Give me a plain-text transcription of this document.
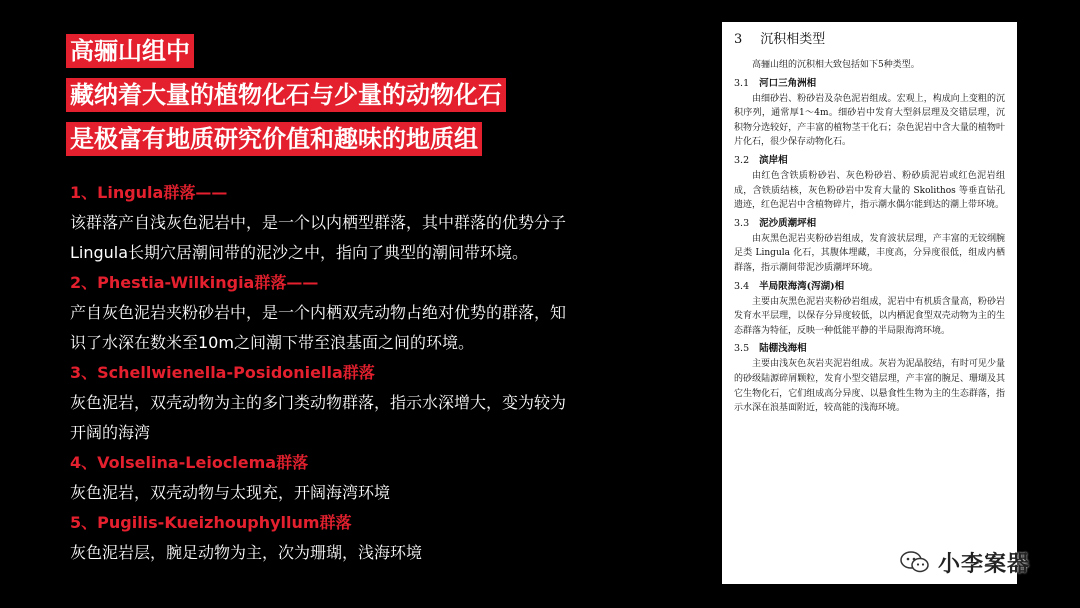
高骊山组中
藏纳着大量的植物化石与少量的动物化石
是极富有地质研究价值和趣味的地质组
1、Lingula群落——
该群落产自浅灰色泥岩中，是一个以内栖型群落，其中群落的优势分子
Lingula长期穴居潮间带的泥沙之中，指向了典型的潮间带环境。
2、Phestia-Wilkingia群落——
产自灰色泥岩夹粉砂岩中，是一个内栖双壳动物占绝对优势的群落，知
识了水深在数米至10m之间潮下带至浪基面之间的环境。
3、Schellwienella-Posidoniella群落
灰色泥岩，双壳动物为主的多门类动物群落，指示水深增大，变为较为
开阔的海湾
4、Volselina-Leioclema群落
灰色泥岩，双壳动物与太现充，开阔海湾环境
5、Pugilis-Kueizhouphyllum群落
灰色泥岩层，腕足动物为主，次为珊瑚，浅海环境
3 沉积相类型

高骊山组的沉积相大致包括如下5种类型。

3.1 河口三角洲相

由细砂岩、粉砂岩及杂色泥岩组成。宏观上，构成向上变粗的沉积序列，通常厚1～4m。细砂岩中发育大型斜层理及交错层理，沉积物分选较好，产丰富的植物茎干化石；杂色泥岩中含大量的植物叶片化石，很少保存动物化石。

3.2 滨岸相

由红色含铁质粉砂岩、灰色粉砂岩、粉砂质泥岩或红色泥岩组成，含铁质结核，灰色粉砂岩中发育大量的 Skolithos 等垂直钻孔遗迹，红色泥岩中含植物碎片，指示潮水偶尔能到达的潮上带环境。

3.3 泥沙质潮坪相

由灰黑色泥岩夹粉砂岩组成，发育波状层理，产丰富的无铰纲腕足类 Lingula 化石，其腹体埋藏，丰度高，分异度很低，组成内栖群落，指示潮间带泥沙质潮坪环境。

3.4 半局限海湾(泻湖)相

主要由灰黑色泥岩夹粉砂岩组成，泥岩中有机质含量高，粉砂岩发育水平层理，以保存分异度较低，以内栖泥食型双壳动物为主的生态群落为特征，反映一种低能平静的半局限海湾环境。

3.5 陆棚浅海相

主要由浅灰色灰岩夹泥岩组成。灰岩为泥晶胶结，有时可见少量的砂级陆源碎屑颗粒，发育小型交错层理，产丰富的腕足、珊瑚及其它生物化石，它们组成高分异度、以悬食性生物为主的生态群落，指示水深在浪基面附近，较高能的浅海环境。

小李案器
